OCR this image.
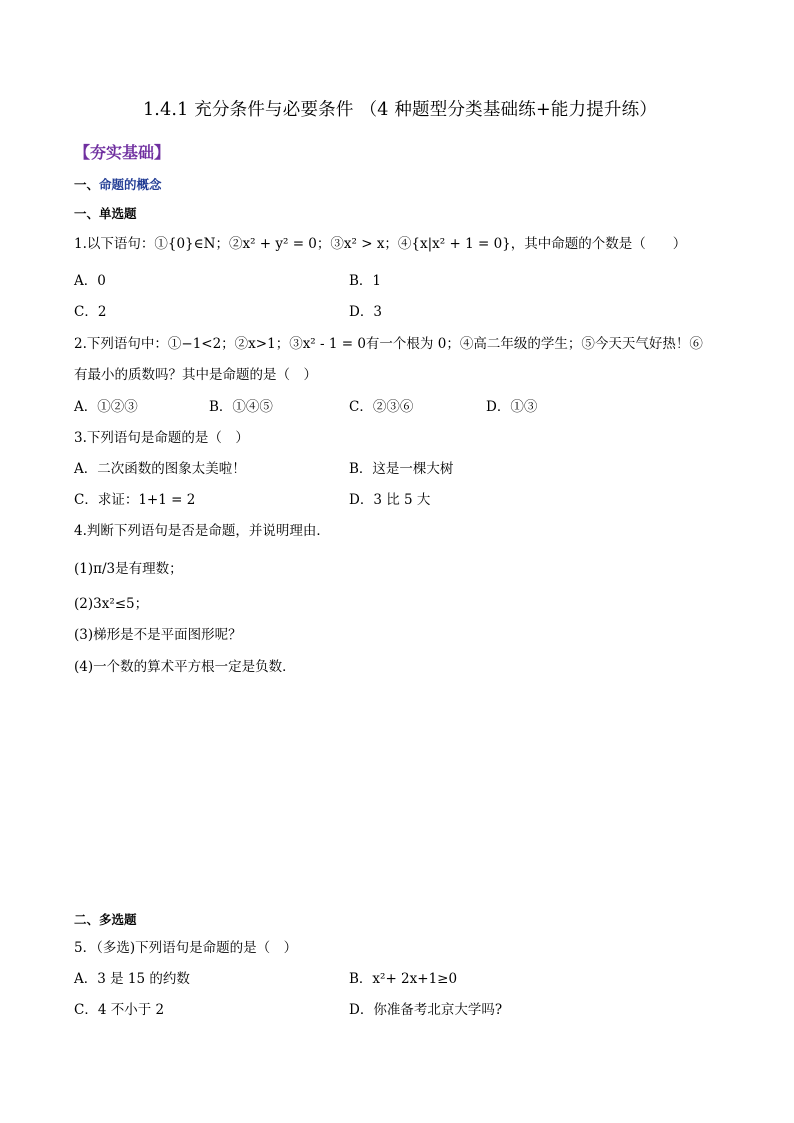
1.4.1 充分条件与必要条件 （4 种题型分类基础练+能力提升练）
【夯实基础】
一、命题的概念
一、单选题
1.以下语句：①{0}∈N；②x² + y² = 0；③x² > x；④{x|x² + 1 = 0}，其中命题的个数是（　　）
A．0	B．1
C．2	D．3
2.下列语句中：①−1<2；②x>1；③x² - 1 = 0有一个根为 0；④高二年级的学生；⑤今天天气好热！⑥
有最小的质数吗？其中是命题的是（　）
A．①②③	B．①④⑤	C．②③⑥	D．①③
3.下列语句是命题的是（　）
A．二次函数的图象太美啦！	B．这是一棵大树
C．求证：1+1 = 2	D．3 比 5 大
4.判断下列语句是否是命题，并说明理由．
(1)π/3是有理数；
(2)3x²≤5；
(3)梯形是不是平面图形呢？
(4)一个数的算术平方根一定是负数．
二、多选题
5．（多选)下列语句是命题的是（　）
A．3 是 15 的约数	B．x²+ 2x+1≥0
C．4 不小于 2	D．你准备考北京大学吗?
